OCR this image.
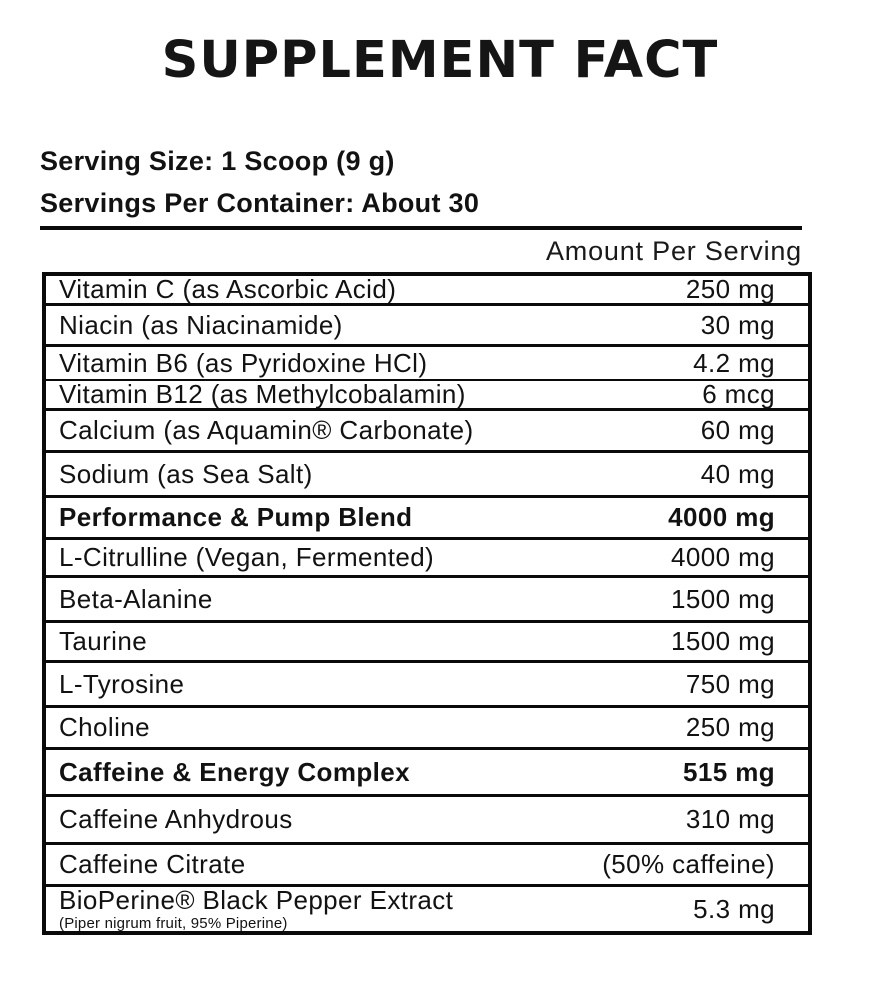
SUPPLEMENT FACT
Serving Size: 1 Scoop (9 g)
Servings Per Container: About 30
Amount Per Serving
Vitamin C (as Ascorbic Acid)	250 mg
Niacin (as Niacinamide)	30 mg
Vitamin B6 (as Pyridoxine HCl)	4.2 mg
Vitamin B12 (as Methylcobalamin)	6 mcg
Calcium (as Aquamin® Carbonate)	60 mg
Sodium (as Sea Salt)	40 mg
Performance & Pump Blend	4000 mg
L-Citrulline (Vegan, Fermented)	4000 mg
Beta-Alanine	1500 mg
Taurine	1500 mg
L-Tyrosine	750 mg
Choline	250 mg
Caffeine & Energy Complex	515 mg
Caffeine Anhydrous	310 mg
Caffeine Citrate	(50% caffeine)
BioPerine® Black Pepper Extract
(Piper nigrum fruit, 95% Piperine)	5.3 mg
